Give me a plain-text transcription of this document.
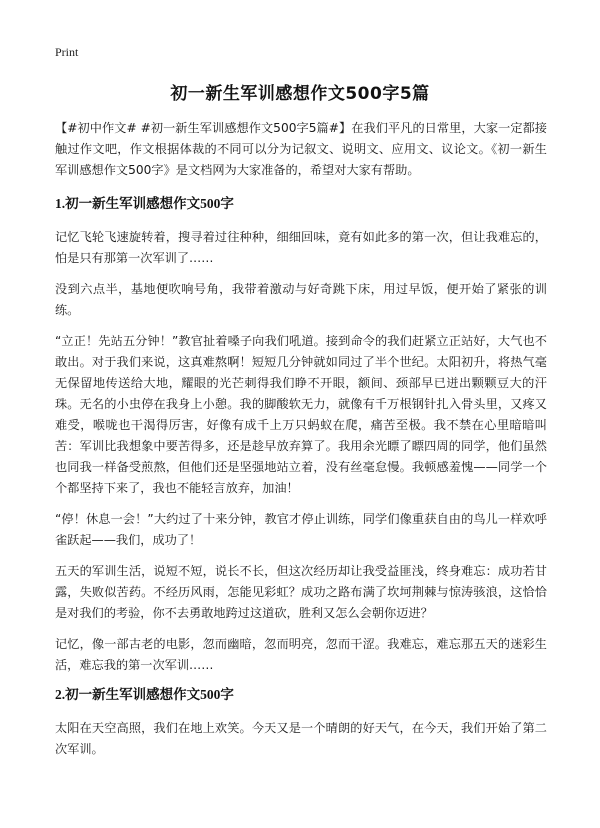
Print
初一新生军训感想作文500字5篇

【#初中作文# #初一新生军训感想作文500字5篇#】在我们平凡的日常里，大家一定都接触过作文吧，作文根据体裁的不同可以分为记叙文、说明文、应用文、议论文。《初一新生军训感想作文500字》是文档网为大家准备的，希望对大家有帮助。

1.初一新生军训感想作文500字

记忆飞轮飞速旋转着，搜寻着过往种种，细细回味，竟有如此多的第一次，但让我难忘的，怕是只有那第一次军训了……

没到六点半，基地便吹响号角，我带着激动与好奇跳下床，用过早饭，便开始了紧张的训练。

“立正！先站五分钟！”教官扯着嗓子向我们吼道。接到命令的我们赶紧立正站好，大气也不敢出。对于我们来说，这真难熬啊！短短几分钟就如同过了半个世纪。太阳初升，将热气毫无保留地传送给大地，耀眼的光芒刺得我们睁不开眼，额间、颈部早已迸出颗颗豆大的汗珠。无名的小虫停在我身上小憩。我的脚酸软无力，就像有千万根钢针扎入骨头里，又疼又难受，喉咙也干渴得厉害，好像有成千上万只蚂蚁在爬，痛苦至极。我不禁在心里暗暗叫苦：军训比我想象中要苦得多，还是趁早放弃算了。我用余光瞟了瞟四周的同学，他们虽然也同我一样备受煎熬，但他们还是坚强地站立着，没有丝毫怠慢。我顿感羞愧——同学一个个都坚持下来了，我也不能轻言放弃，加油！

“停！休息一会！”大约过了十来分钟，教官才停止训练，同学们像重获自由的鸟儿一样欢呼雀跃起——我们，成功了！

五天的军训生活，说短不短，说长不长，但这次经历却让我受益匪浅，终身难忘：成功若甘露，失败似苦药。不经历风雨，怎能见彩虹？成功之路布满了坎坷荆棘与惊涛骇浪，这恰恰是对我们的考验，你不去勇敢地跨过这道砍，胜利又怎么会朝你迈进？

记忆，像一部古老的电影，忽而幽暗，忽而明亮，忽而干涩。我难忘，难忘那五天的迷彩生活，难忘我的第一次军训……

2.初一新生军训感想作文500字

太阳在天空高照，我们在地上欢笑。今天又是一个晴朗的好天气，在今天，我们开始了第二次军训。
